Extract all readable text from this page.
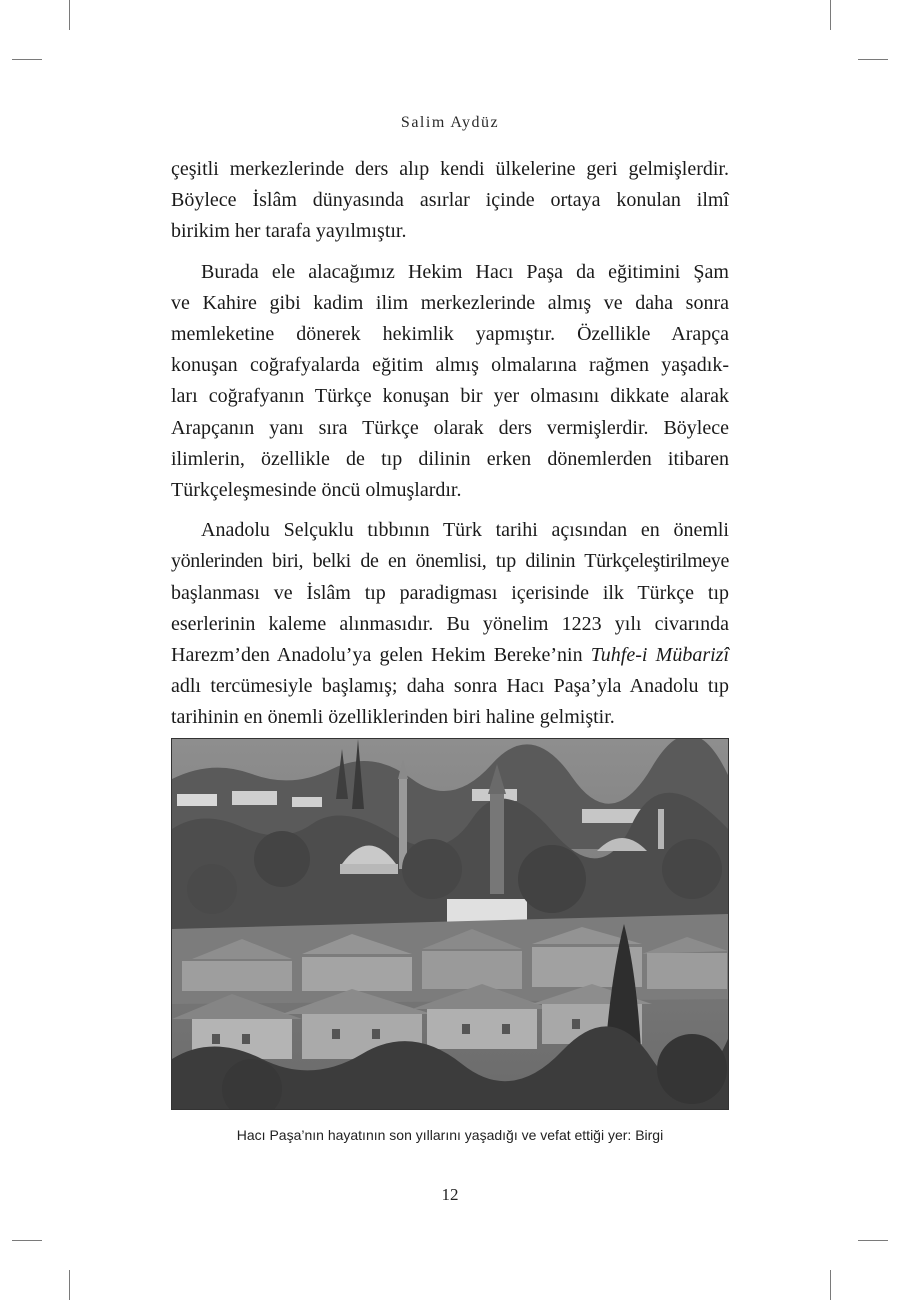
Salim Aydüz

çeşitli merkezlerinde ders alıp kendi ülkelerine geri gelmişlerdir.
Böylece İslâm dünyasında asırlar içinde ortaya konulan ilmî
birikim her tarafa yayılmıştır.

Burada ele alacağımız Hekim Hacı Paşa da eğitimini Şam
ve Kahire gibi kadim ilim merkezlerinde almış ve daha sonra
memleketine dönerek hekimlik yapmıştır. Özellikle Arapça
konuşan coğrafyalarda eğitim almış olmalarına rağmen yaşadık-
ları coğrafyanın Türkçe konuşan bir yer olmasını dikkate alarak
Arapçanın yanı sıra Türkçe olarak ders vermişlerdir. Böylece
ilimlerin, özellikle de tıp dilinin erken dönemlerden itibaren
Türkçeleşmesinde öncü olmuşlardır.

Anadolu Selçuklu tıbbının Türk tarihi açısından en önemli
yönlerinden biri, belki de en önemlisi, tıp dilinin Türkçeleştirilmeye
başlanması ve İslâm tıp paradigması içerisinde ilk Türkçe tıp
eserlerinin kaleme alınmasıdır. Bu yönelim 1223 yılı civarında
Harezm’den Anadolu’ya gelen Hekim Bereke’nin Tuhfe-i Mübarizî
adlı tercümesiyle başlamış; daha sonra Hacı Paşa’yla Anadolu tıp
tarihinin en önemli özelliklerinden biri haline gelmiştir.

Hacı Paşa’nın hayatının son yıllarını yaşadığı ve vefat ettiği yer: Birgi
12
